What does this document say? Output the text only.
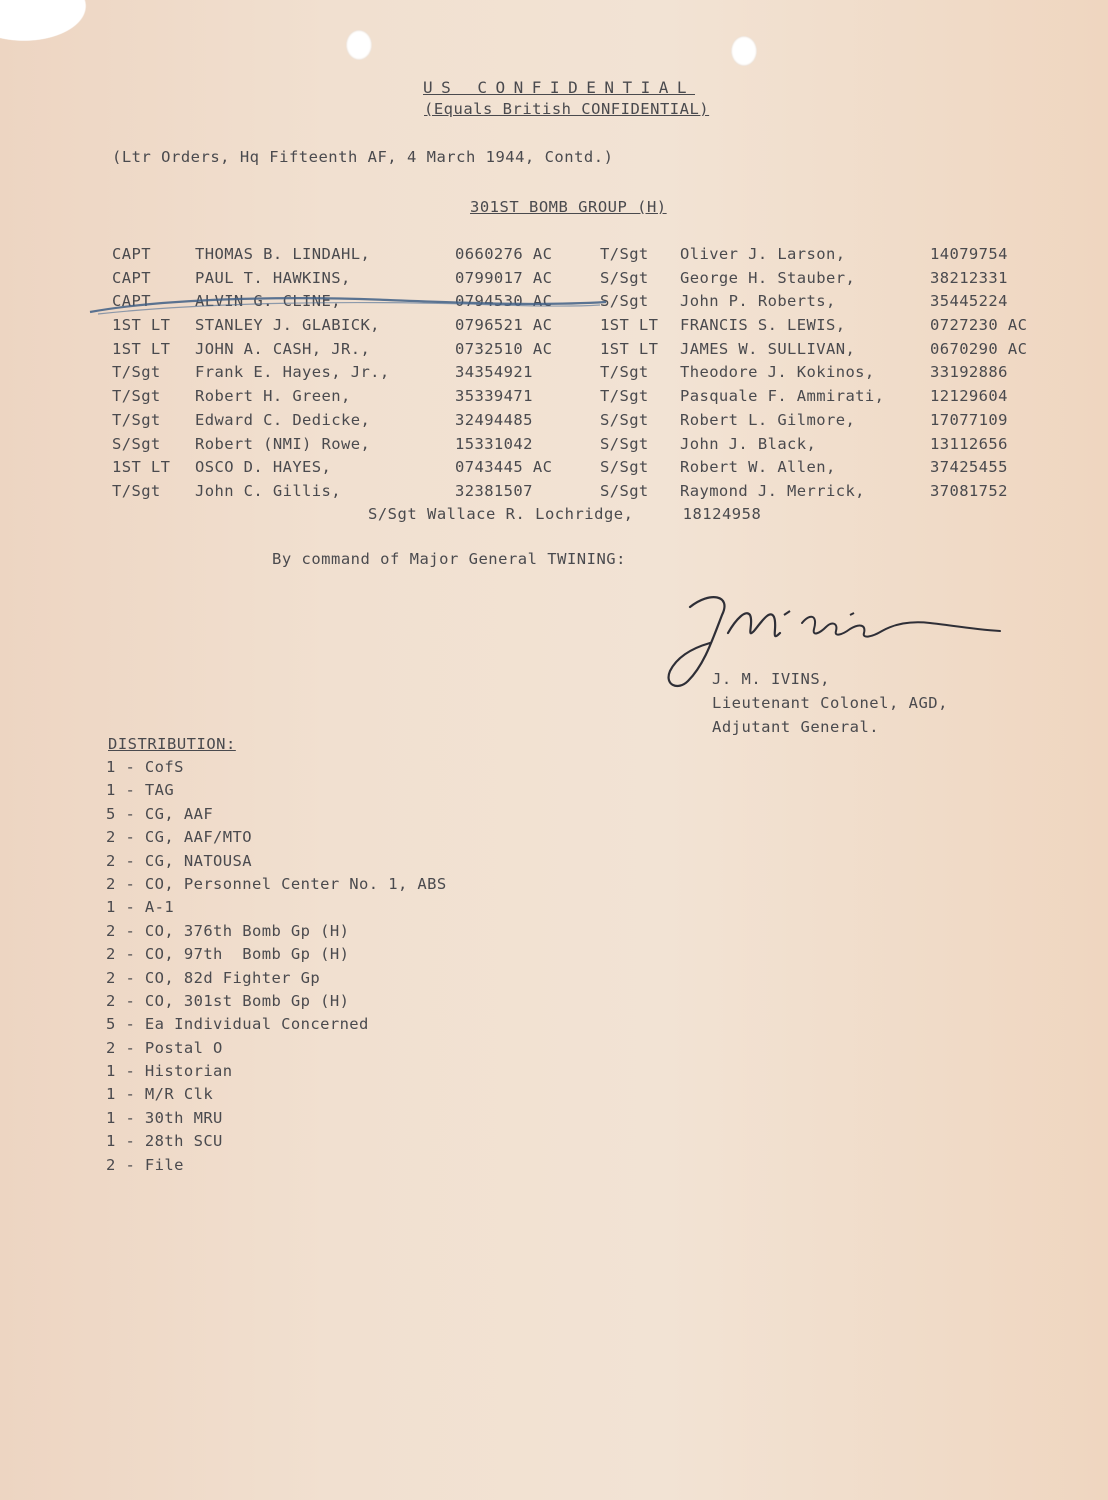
US CONFIDENTIAL
(Equals British CONFIDENTIAL)
(Ltr Orders, Hq Fifteenth AF, 4 March 1944, Contd.)
301ST BOMB GROUP (H)
CAPT
CAPT
CAPT
1ST LT
1ST LT
T/Sgt
T/Sgt
T/Sgt
S/Sgt
1ST LT
T/Sgt
THOMAS B. LINDAHL,
PAUL T. HAWKINS,
ALVIN G. CLINE,
STANLEY J. GLABICK,
JOHN A. CASH, JR.,
Frank E. Hayes, Jr.,
Robert H. Green,
Edward C. Dedicke,
Robert (NMI) Rowe,
OSCO D. HAYES,
John C. Gillis,
0660276 AC
0799017 AC
0794530 AC
0796521 AC
0732510 AC
34354921
35339471
32494485
15331042
0743445 AC
32381507
T/Sgt
S/Sgt
S/Sgt
1ST LT
1ST LT
T/Sgt
T/Sgt
S/Sgt
S/Sgt
S/Sgt
S/Sgt
Oliver J. Larson,
George H. Stauber,
John P. Roberts,
FRANCIS S. LEWIS,
JAMES W. SULLIVAN,
Theodore J. Kokinos,
Pasquale F. Ammirati,
Robert L. Gilmore,
John J. Black,
Robert W. Allen,
Raymond J. Merrick,
14079754
38212331
35445224
0727230 AC
0670290 AC
33192886
12129604
17077109
13112656
37425455
37081752
S/Sgt Wallace R. Lochridge,     18124958
By command of Major General TWINING:
J. M. IVINS,
Lieutenant Colonel, AGD,
Adjutant General.
DISTRIBUTION:
1 - CofS
1 - TAG
5 - CG, AAF
2 - CG, AAF/MTO
2 - CG, NATOUSA
2 - CO, Personnel Center No. 1, ABS
1 - A-1
2 - CO, 376th Bomb Gp (H)
2 - CO, 97th  Bomb Gp (H)
2 - CO, 82d Fighter Gp
2 - CO, 301st Bomb Gp (H)
5 - Ea Individual Concerned
2 - Postal O
1 - Historian
1 - M/R Clk
1 - 30th MRU
1 - 28th SCU
2 - File
